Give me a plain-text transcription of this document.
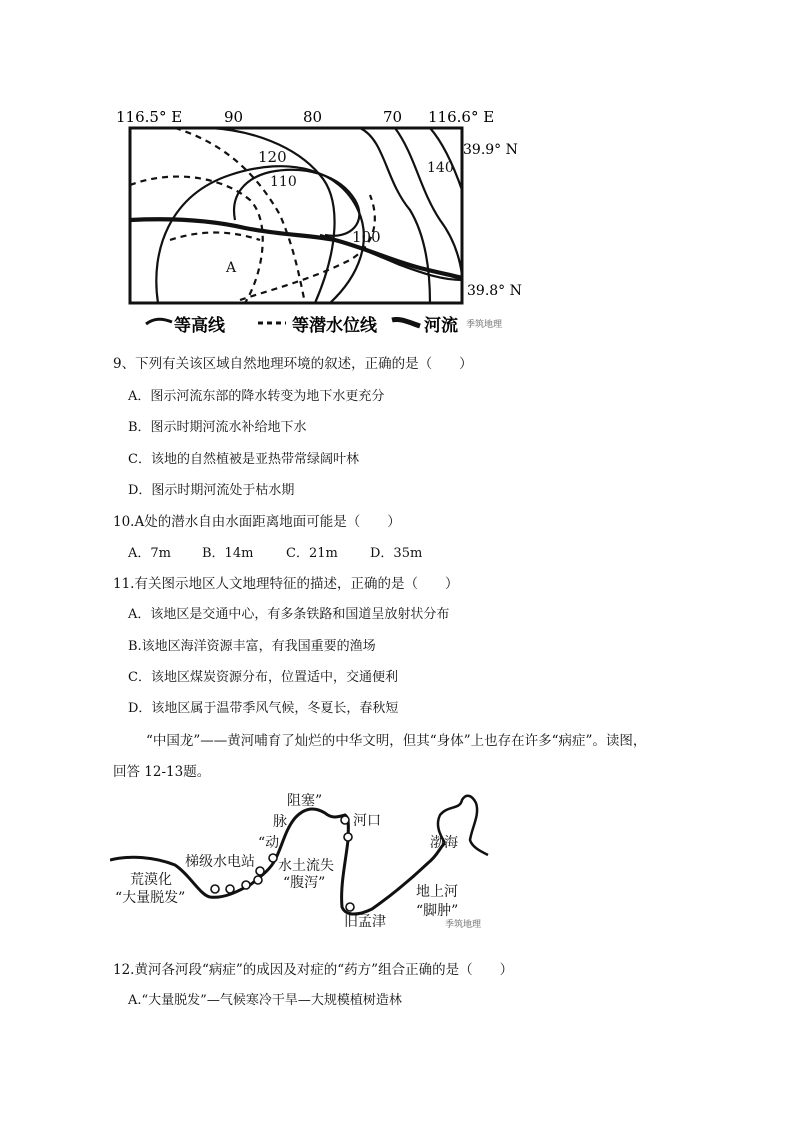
116.5° E	90	80	70 116.6° E
39.9° N
39.8° N
120
110
140
100
A
等高线	等潜水位线	河流 季筑地理
9、下列有关该区域自然地理环境的叙述，正确的是（　　）
A．图示河流东部的降水转变为地下水更充分
B．图示时期河流水补给地下水
C．该地的自然植被是亚热带常绿阔叶林
D．图示时期河流处于枯水期
10.A处的潜水自由水面距离地面可能是（　　）
A．7m B．14m	C．21m D．35m
11.有关图示地区人文地理特征的描述，正确的是（　　）
A．该地区是交通中心，有多条铁路和国道呈放射状分布
B.该地区海洋资源丰富，有我国重要的渔场
C．该地区煤炭资源分布，位置适中，交通便利
D．该地区属于温带季风气候，冬夏长，春秋短
“中国龙”——黄河哺育了灿烂的中华文明，但其“身体”上也存在许多“病症”。读图，
回答 12-13题。
阻塞”
河口
脉
“动	渤海
梯级水电站 水土流失
“腹泻”
荒漠化
“大量脱发”	地上河
“脚肿”
旧孟津	季筑地理
12.黄河各河段“病症”的成因及对症的“药方”组合正确的是（　　）
A.“大量脱发”—气候寒冷干旱—大规模植树造林
